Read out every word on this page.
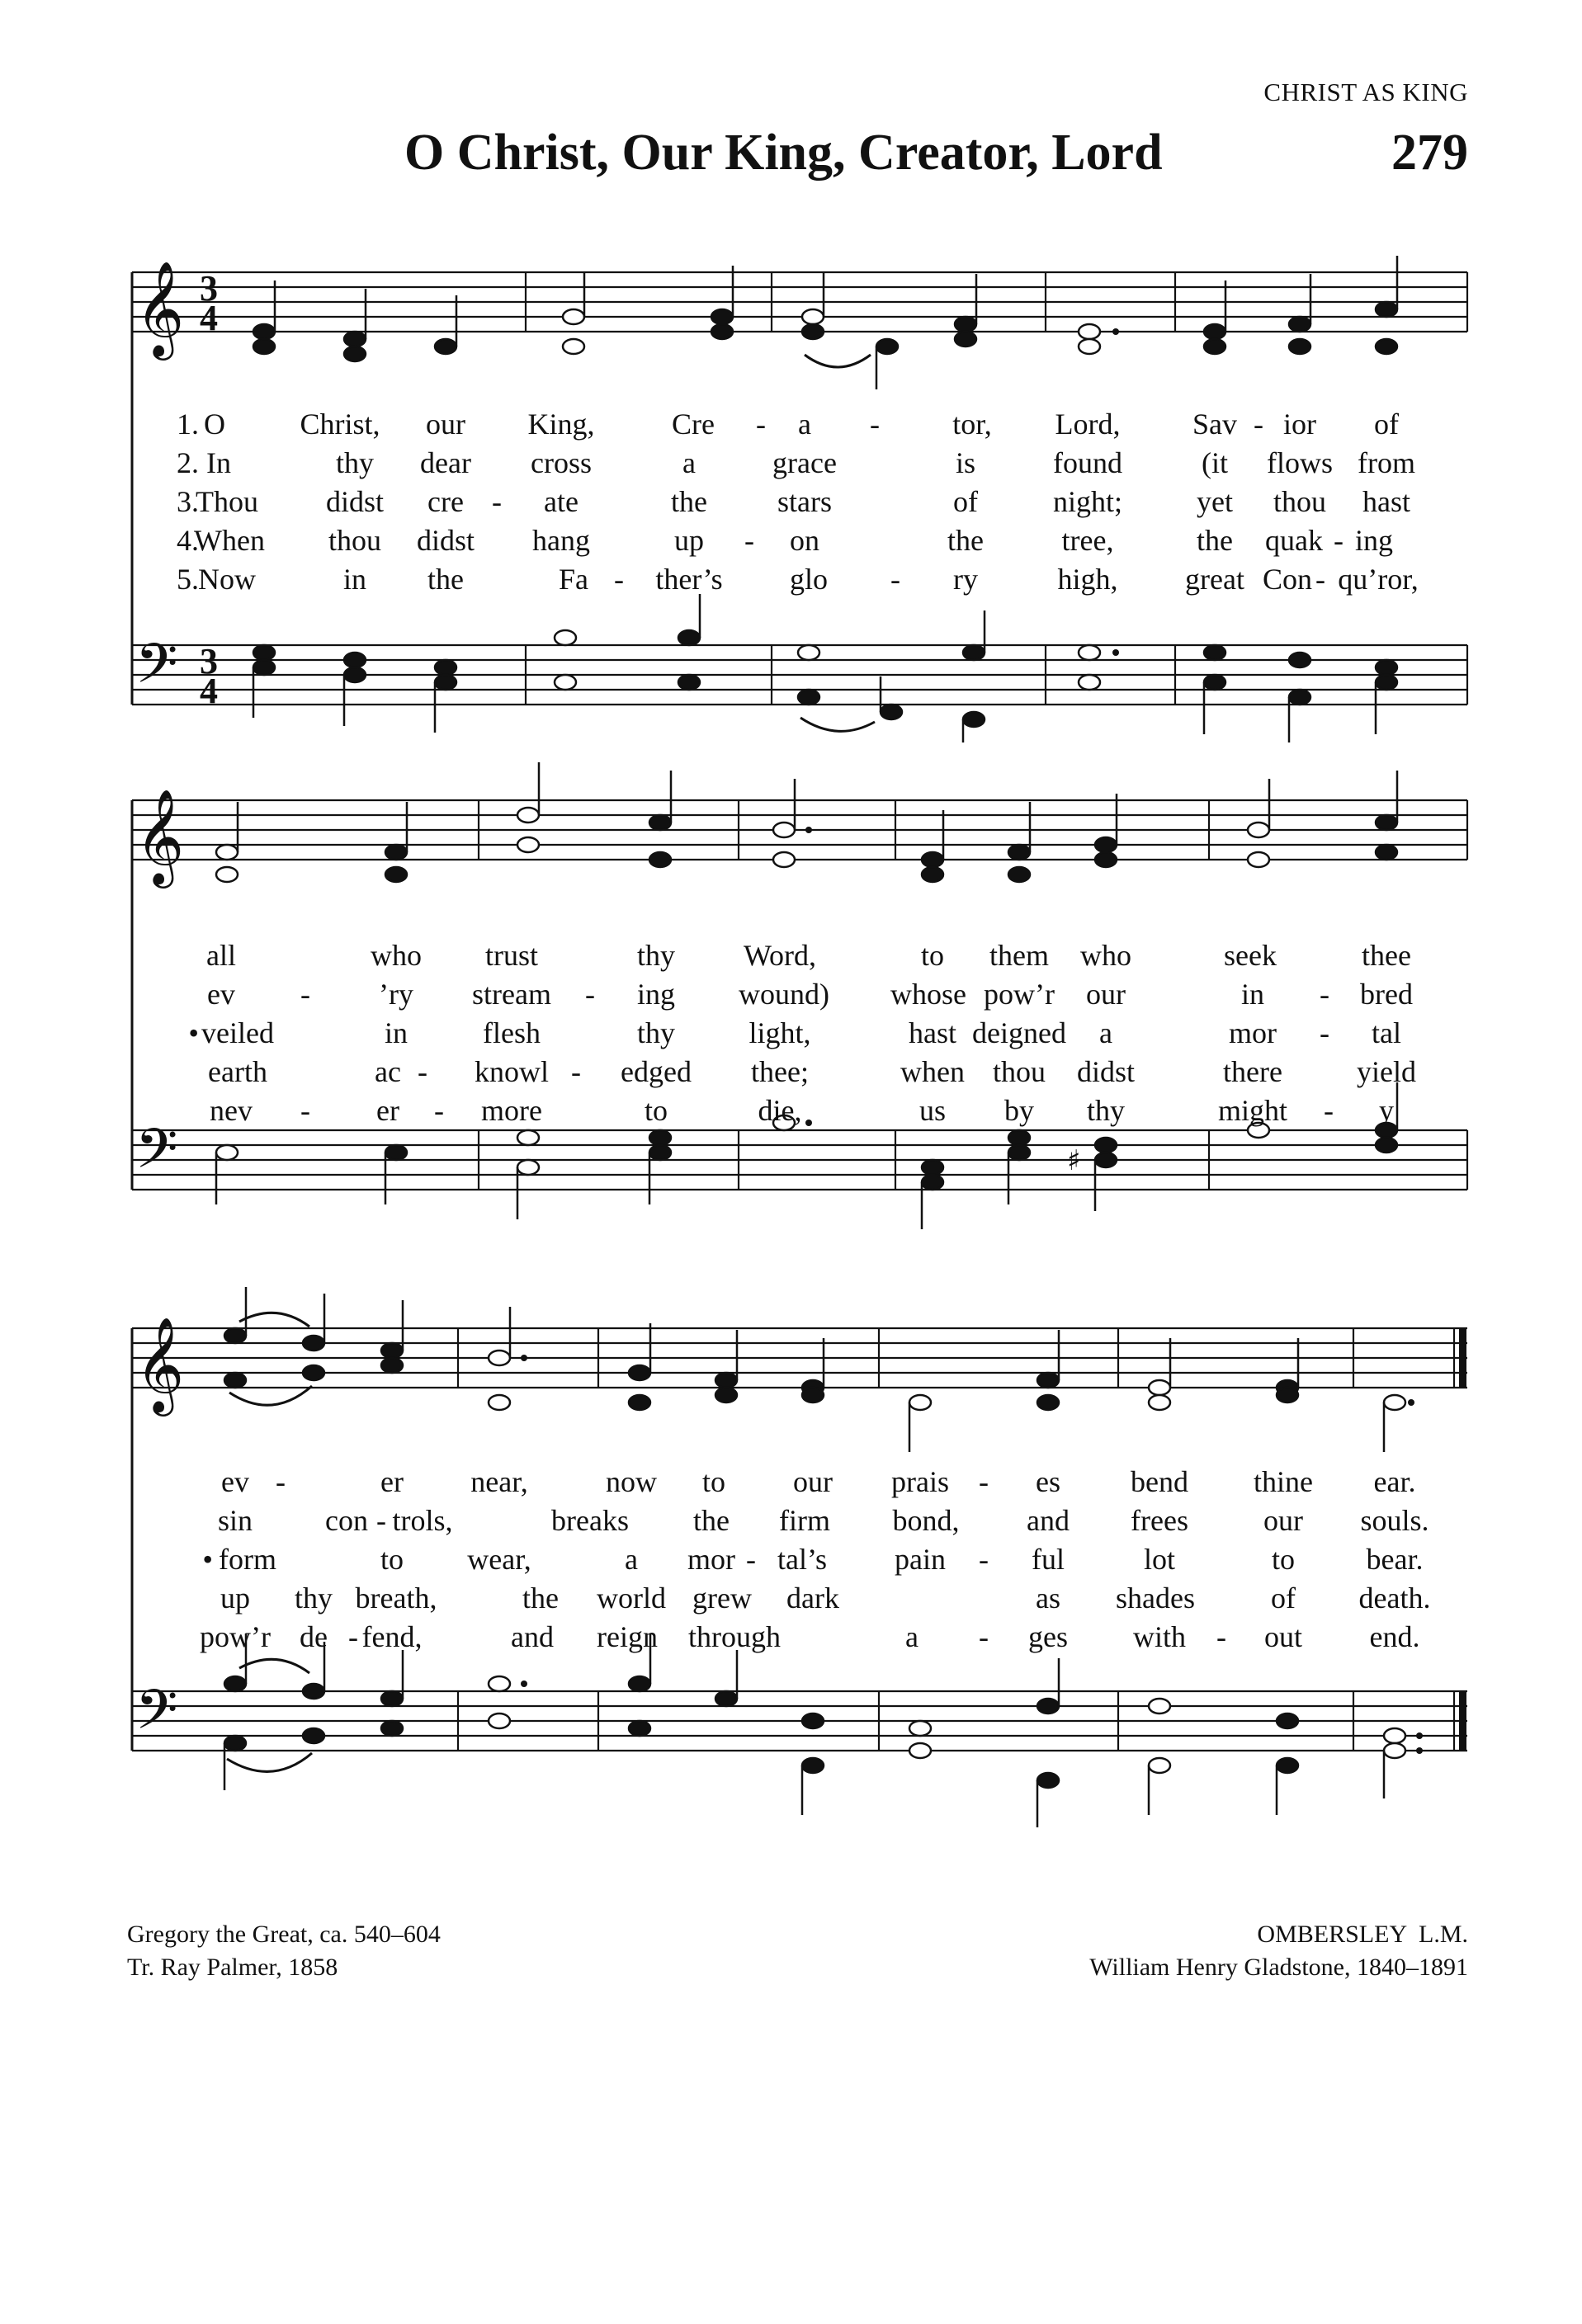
CHRIST AS KING
O Christ, Our King, Creator, Lord	279
𝄞
𝄢
3
4
3
4
1. O	Christ, our King,	Cre - a - tor, Lord, Sav - ior of
2. In	thy dear cross	a	grace	is	found	(it flows from
3.
Thou didst cre - ate	the stars	of	night;	yet thou hast
4.
When thou didst hang	up - on	the	tree,	the quak - ing
5. Now	in the	Fa - ther’s glo - ry	high, great Con - qu’ror,
𝄞
𝄢	♯
all	who trust	thy Word,	to them who	seek	thee
ev - ’ry stream - ing wound) whose pow’r our	in - bred
• veiled	in	flesh	thy light,	hast deigned a	mor - tal
earth	ac - knowl - edged thee;	when thou didst	there	yield
nev - er - more	to	die,	us by thy	might - y
𝄞
𝄢
ev -	er near,	now to our prais - es bend thine ear.
sin con - trols,	breaks the firm bond, and frees	our souls.
• form	to wear,	a mor - tal’s pain - ful	lot	to bear.
up thy breath,	the world grew dark	as shades	of death.
pow’r de - fend,	and reign through	a - ges with - out end.
Gregory the Great, ca. 540–604
Tr. Ray Palmer, 1858
OMBERSLEY  L.M.
William Henry Gladstone, 1840–1891
